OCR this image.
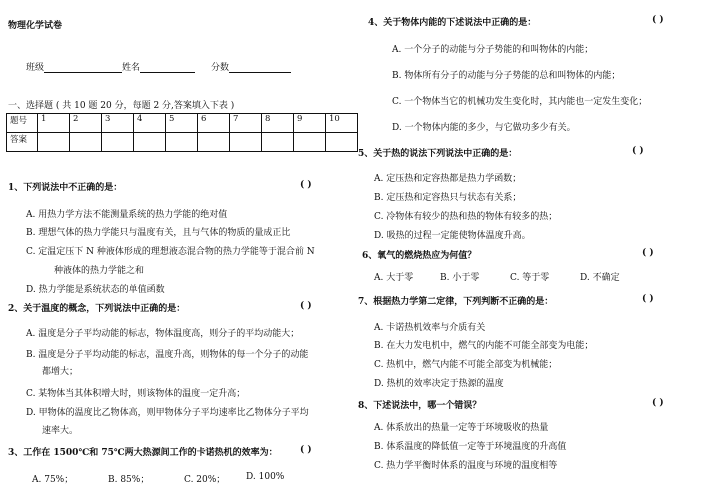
物理化学试卷
班级	姓名	分数
一、选择题 ( 共 10 题 20 分，每题 2 分,答案填入下表 )
题号	1	2	3	4	5	6	7	8	9	10
答案										
1、下列说法中不正确的是：	( )
A. 用热力学方法不能测量系统的热力学能的绝对值
B. 理想气体的热力学能只与温度有关，且与气体的物质的量成正比
C. 定温定压下 N 种液体形成的理想液态混合物的热力学能等于混合前 N
种液体的热力学能之和
D. 热力学能是系统状态的单值函数
2、关于温度的概念，下列说法中正确的是：	( )
A. 温度是分子平均动能的标志，物体温度高，则分子的平均动能大；
B. 温度是分子平均动能的标志，温度升高，则物体的每一个分子的动能
都增大；
C. 某物体当其体积增大时，则该物体的温度一定升高；
D. 甲物体的温度比乙物体高，则甲物体分子平均速率比乙物体分子平均
速率大。
3、工作在 1500℃和 75℃两大热源间工作的卡诺热机的效率为： ( )
A. 75%；	B. 85%；	C. 20%； D. 100%
4、关于物体内能的下述说法中正确的是：	( )
A. 一个分子的动能与分子势能的和叫物体的内能；
B. 物体所有分子的动能与分子势能的总和叫物体的内能；
C. 一个物体当它的机械功发生变化时，其内能也一定发生变化；
D. 一个物体内能的多少，与它做功多少有关。
5、关于热的说法下列说法中正确的是：	( )
A. 定压热和定容热都是热力学函数；
B. 定压热和定容热只与状态有关系；
C. 冷物体有较少的热和热的物体有较多的热；
D. 吸热的过程一定能使物体温度升高。
6、氧气的燃烧热应为何值？	( )
A. 大于零	B. 小于零	C. 等于零	D. 不确定
7、根据热力学第二定律，下列判断不正确的是：	( )
A. 卡诺热机效率与介质有关
B. 在大力发电机中，燃气的内能不可能全部变为电能；
C. 热机中，燃气内能不可能全部变为机械能；
D. 热机的效率决定于热源的温度
8、下述说法中，哪一个错误？	( )
A. 体系放出的热量一定等于环境吸收的热量
B. 体系温度的降低值一定等于环境温度的升高值
C. 热力学平衡时体系的温度与环境的温度相等
